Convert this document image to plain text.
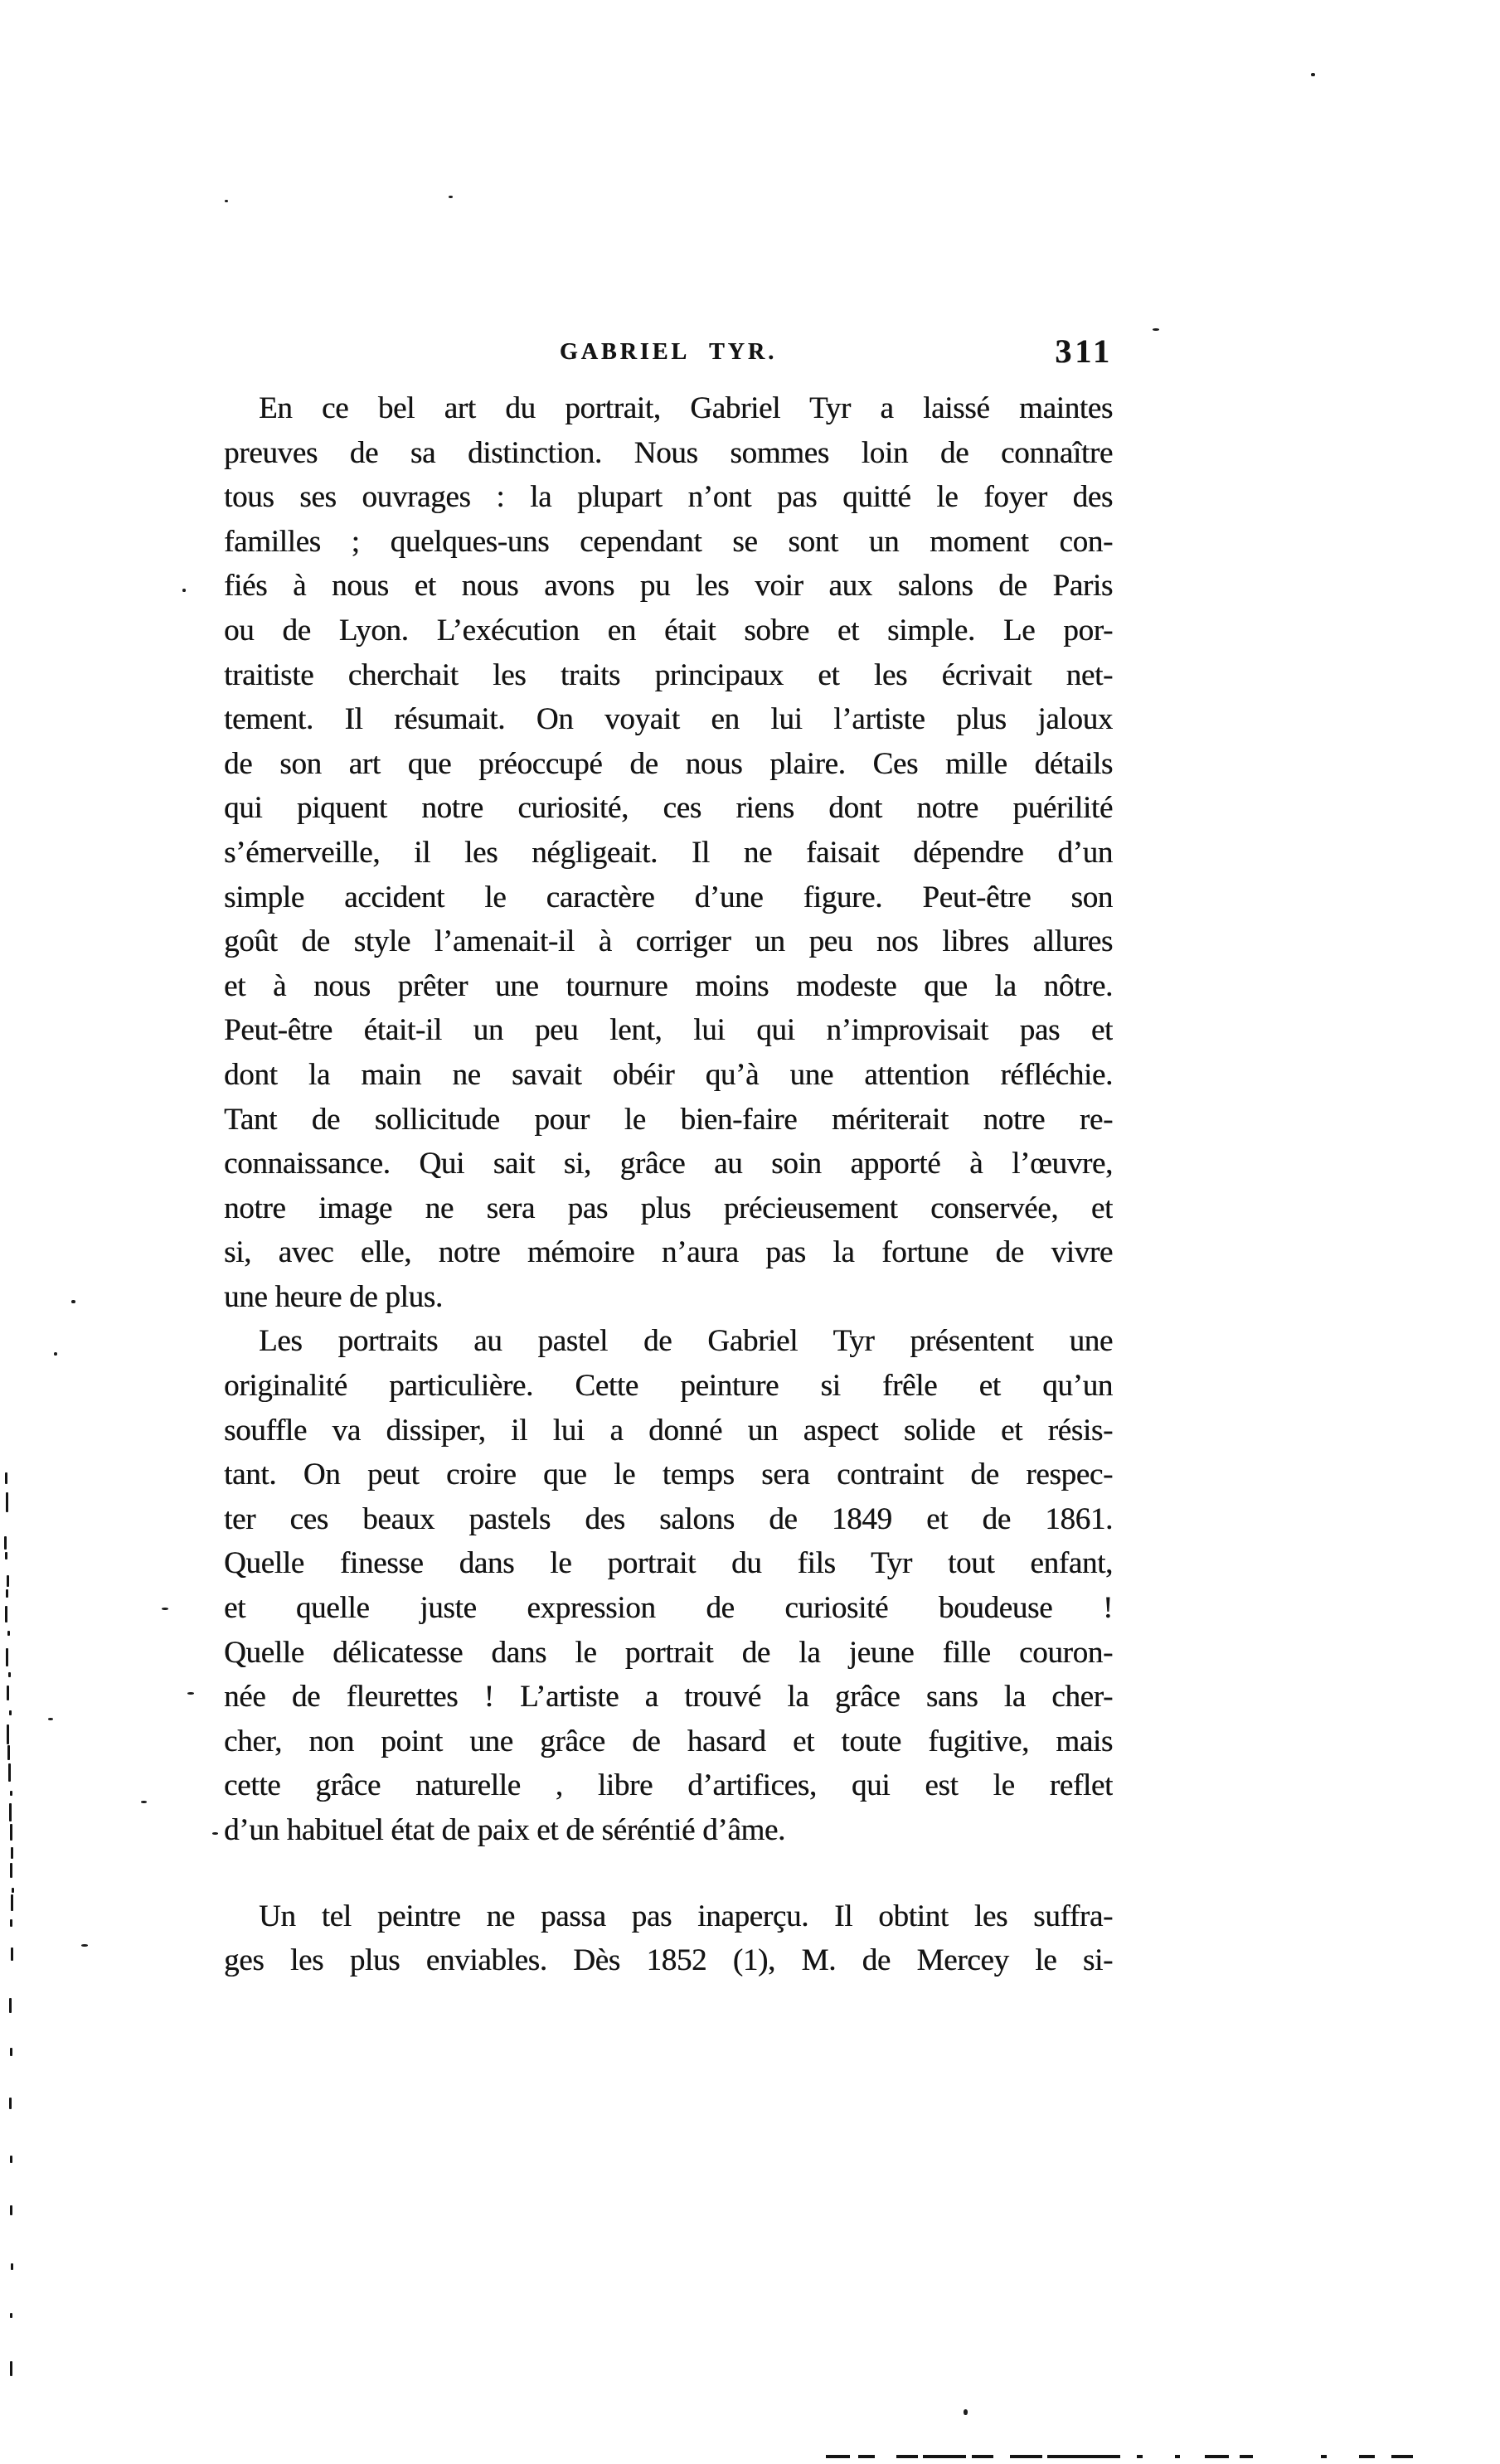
GABRIEL TYR.	311
En ce bel art du portrait, Gabriel Tyr a laissé maintes
preuves de sa distinction. Nous sommes loin de connaître
tous ses ouvrages : la plupart n’ont pas quitté le foyer des
familles ; quelques-uns cependant se sont un moment con-
fiés à nous et nous avons pu les voir aux salons de Paris
ou de Lyon. L’exécution en était sobre et simple. Le por-
traitiste cherchait les traits principaux et les écrivait net-
tement. Il résumait. On voyait en lui l’artiste plus jaloux
de son art que préoccupé de nous plaire. Ces mille détails
qui piquent notre curiosité, ces riens dont notre puérilité
s’émerveille, il les négligeait. Il ne faisait dépendre d’un
simple accident le caractère d’une figure. Peut-être son
goût de style l’amenait-il à corriger un peu nos libres allures
et à nous prêter une tournure moins modeste que la nôtre.
Peut-être était-il un peu lent, lui qui n’improvisait pas et
dont la main ne savait obéir qu’à une attention réfléchie.
Tant de sollicitude pour le bien-faire mériterait notre re-
connaissance. Qui sait si, grâce au soin apporté à l’œuvre,
notre image ne sera pas plus précieusement conservée, et
si, avec elle, notre mémoire n’aura pas la fortune de vivre
une heure de plus.
Les portraits au pastel de Gabriel Tyr présentent une
originalité particulière. Cette peinture si frêle et qu’un
souffle va dissiper, il lui a donné un aspect solide et résis-
tant. On peut croire que le temps sera contraint de respec-
ter ces beaux pastels des salons de 1849 et de 1861.
Quelle finesse dans le portrait du fils Tyr tout enfant,
et quelle juste expression de curiosité boudeuse !
Quelle délicatesse dans le portrait de la jeune fille couron-
née de fleurettes ! L’artiste a trouvé la grâce sans la cher-
cher, non point une grâce de hasard et toute fugitive, mais
cette grâce naturelle , libre d’artifices, qui est le reflet
d’un habituel état de paix et de séréntié d’âme.
Un tel peintre ne passa pas inaperçu. Il obtint les suffra-
ges les plus enviables. Dès 1852 (1), M. de Mercey le si-
